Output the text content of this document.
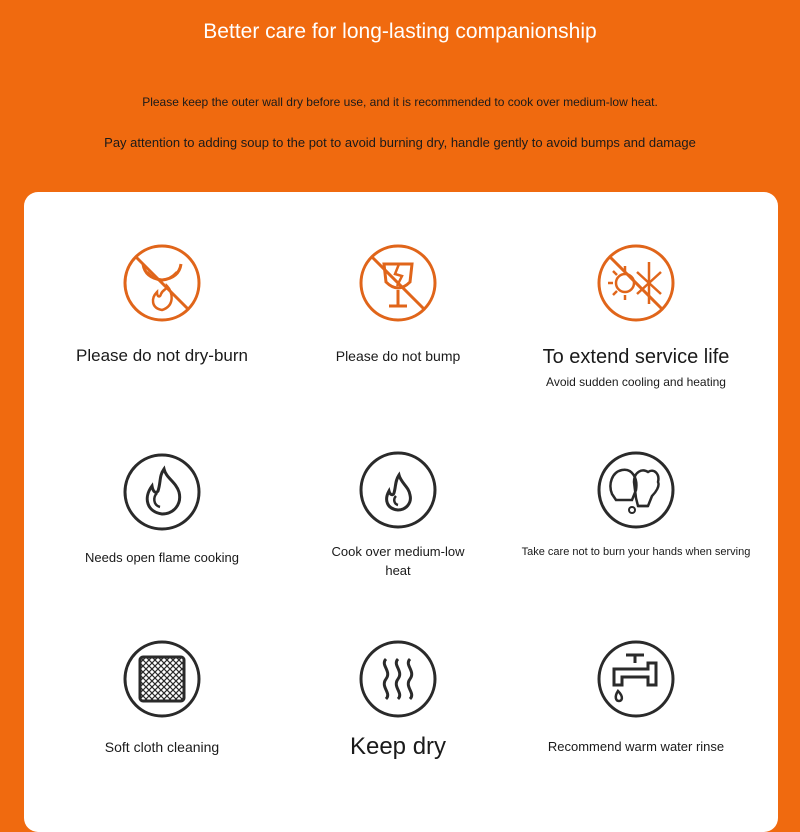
Better care for long-lasting companionship
Please keep the outer wall dry before use, and it is recommended to cook over medium-low heat.
Pay attention to adding soup to the pot to avoid burning dry, handle gently to avoid bumps and damage
Please do not dry-burn	Please do not bump	To extend service life
Avoid sudden cooling and heating
Needs open flame cooking	Cook over medium-low heat
Take care not to burn your hands when serving
Soft cloth cleaning	Keep dry	Recommend warm water rinse
